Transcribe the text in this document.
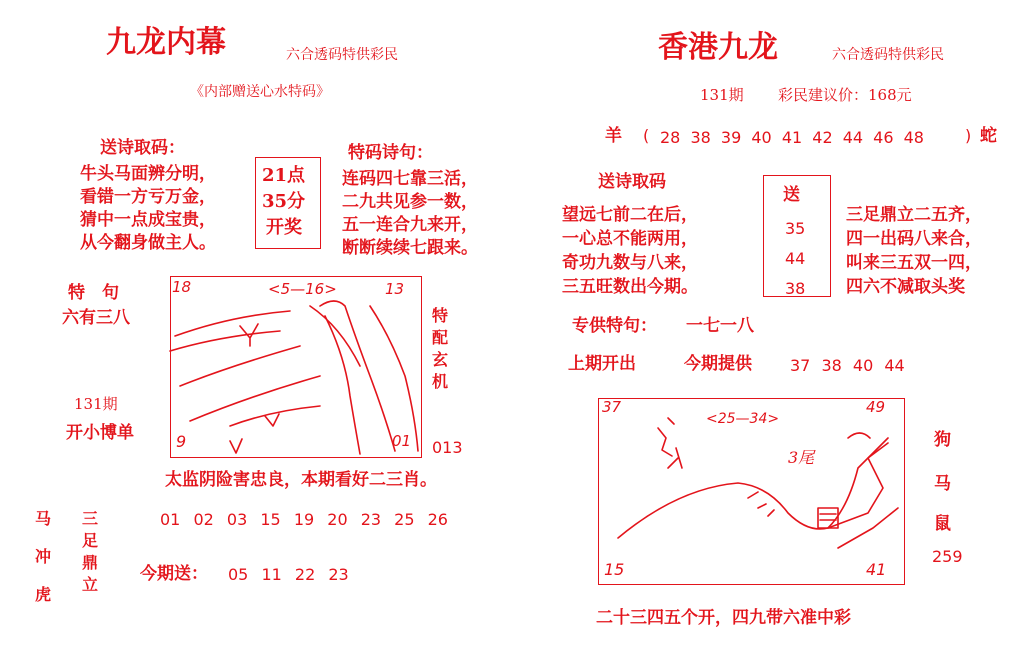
九龙内幕	六合透码特供彩民
《内部赠送心水特码》
送诗取码：
牛头马面辨分明，
看错一方亏万金，
猜中一点成宝贵，
从今翻身做主人。
21点
35分
开奖
特码诗句：
连码四七靠三活，
二九共见参一数，
五一连合九来开，
断断续续七跟来。
特　句
六有三八
131期
开小博单
特配玄机
013
18	<5—16>	13
9	01
太监阴险害忠良，本期看好二三肖。
马冲虎
三足鼎立
01 02 03 15 19 20 23 25 26
今期送： 05 11 22 23
香港九龙	六合透码特供彩民
131期 彩民建议价：168元
羊 ( 28 38 39 40 41 42 44 46 48	) 蛇
送诗取码
望远七前二在后，
一心总不能两用，
奇功九数与八来，
三五旺数出今期。
送
35
44
38
三足鼎立二五齐，
四一出码八来合，
叫来三五双一四，
四六不减取头奖
专供特句： 一七一八
上期开出	今期提供 37 38 40 44
37
<25—34>
49
3尾
15	41
狗
马
鼠
259
二十三四五个开，四九带六准中彩
